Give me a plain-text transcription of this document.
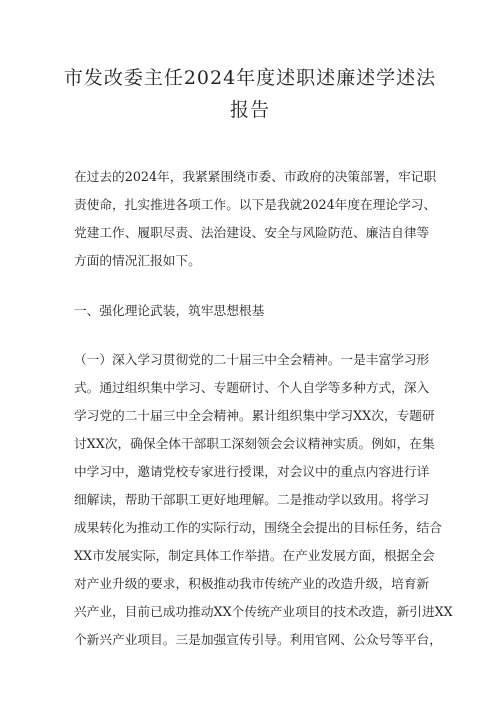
市发改委主任2024年度述职述廉述学述法
报告
在过去的2024年，我紧紧围绕市委、市政府的决策部署，牢记职
责使命，扎实推进各项工作。以下是我就2024年度在理论学习、
党建工作、履职尽责、法治建设、安全与风险防范、廉洁自律等
方面的情况汇报如下。
一、强化理论武装，筑牢思想根基
（一）深入学习贯彻党的二十届三中全会精神。一是丰富学习形
式。通过组织集中学习、专题研讨、个人自学等多种方式，深入
学习党的二十届三中全会精神。累计组织集中学习XX次，专题研
讨XX次，确保全体干部职工深刻领会会议精神实质。例如，在集
中学习中，邀请党校专家进行授课，对会议中的重点内容进行详
细解读，帮助干部职工更好地理解。二是推动学以致用。将学习
成果转化为推动工作的实际行动，围绕全会提出的目标任务，结合
XX市发展实际，制定具体工作举措。在产业发展方面，根据全会
对产业升级的要求，积极推动我市传统产业的改造升级，培育新
兴产业，目前已成功推动XX个传统产业项目的技术改造，新引进XX
个新兴产业项目。三是加强宣传引导。利用官网、公众号等平台，
